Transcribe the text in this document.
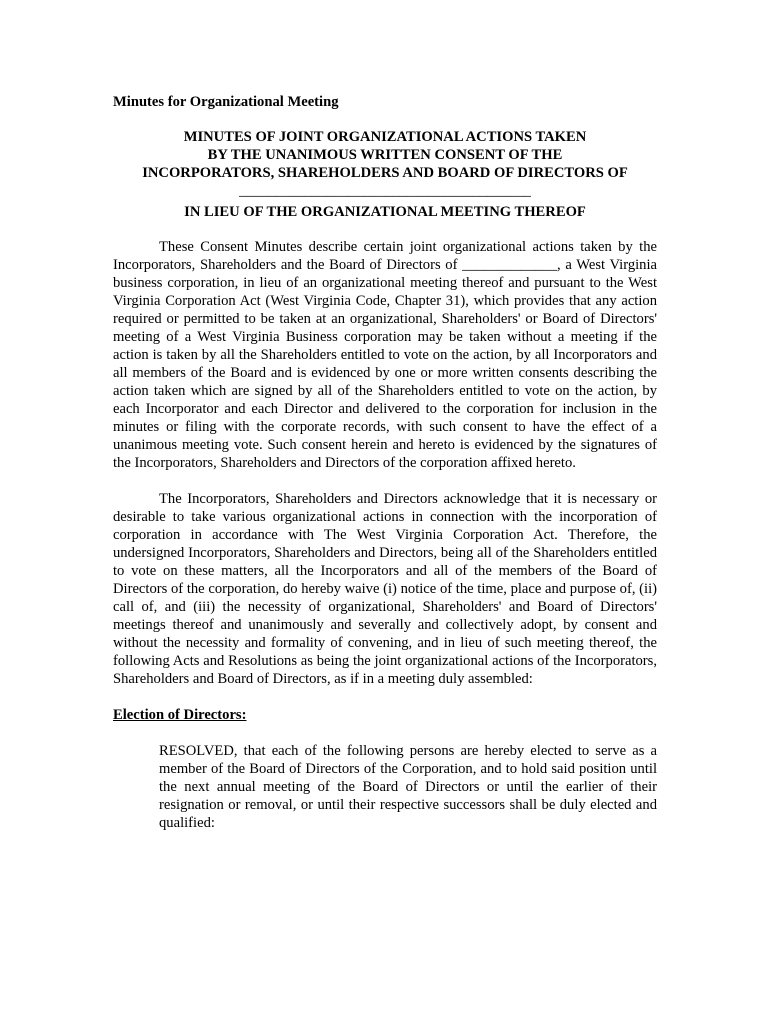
Minutes for Organizational Meeting
MINUTES OF JOINT ORGANIZATIONAL ACTIONS TAKEN
BY THE UNANIMOUS WRITTEN CONSENT OF THE
INCORPORATORS, SHAREHOLDERS AND BOARD OF DIRECTORS OF
________________________________________
IN LIEU OF THE ORGANIZATIONAL MEETING THEREOF

These Consent Minutes describe certain joint organizational actions taken by the Incorporators, Shareholders and the Board of Directors of _____________, a West Virginia business corporation, in lieu of an organizational meeting thereof and pursuant to the West Virginia Corporation Act (West Virginia Code, Chapter 31), which provides that any action required or permitted to be taken at an organizational, Shareholders' or Board of Directors' meeting of a West Virginia Business corporation may be taken without a meeting if the action is taken by all the Shareholders entitled to vote on the action, by all Incorporators and all members of the Board and is evidenced by one or more written consents describing the action taken which are signed by all of the Shareholders entitled to vote on the action, by each Incorporator and each Director and delivered to the corporation for inclusion in the minutes or filing with the corporate records, with such consent to have the effect of a unanimous meeting vote. Such consent herein and hereto is evidenced by the signatures of the Incorporators, Shareholders and Directors of the corporation affixed hereto.

The Incorporators, Shareholders and Directors acknowledge that it is necessary or desirable to take various organizational actions in connection with the incorporation of corporation in accordance with The West Virginia Corporation Act. Therefore, the undersigned Incorporators, Shareholders and Directors, being all of the Shareholders entitled to vote on these matters, all the Incorporators and all of the members of the Board of Directors of the corporation, do hereby waive (i) notice of the time, place and purpose of, (ii) call of, and (iii) the necessity of organizational, Shareholders' and Board of Directors' meetings thereof and unanimously and severally and collectively adopt, by consent and without the necessity and formality of convening, and in lieu of such meeting thereof, the following Acts and Resolutions as being the joint organizational actions of the Incorporators, Shareholders and Board of Directors, as if in a meeting duly assembled:

Election of Directors:

RESOLVED, that each of the following persons are hereby elected to serve as a member of the Board of Directors of the Corporation, and to hold said position until the next annual meeting of the Board of Directors or until the earlier of their resignation or removal, or until their respective successors shall be duly elected and qualified:
